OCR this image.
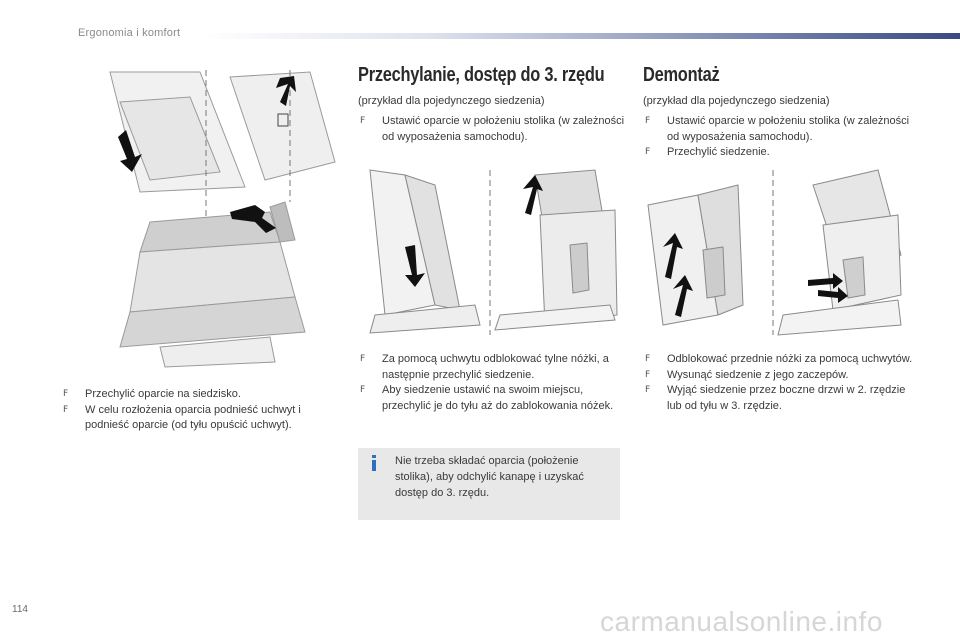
Ergonomia i komfort
F Przechylić oparcie na siedzisko.
F W celu rozłożenia oparcia podnieść uchwyt i podnieść oparcie (od tyłu opuścić uchwyt).
Przechylanie, dostęp do 3. rzędu
(przykład dla pojedynczego siedzenia)
F Ustawić oparcie w położeniu stolika (w zależności od wyposażenia samochodu).
F Za pomocą uchwytu odblokować tylne nóżki, a następnie przechylić siedzenie.
F Aby siedzenie ustawić na swoim miejscu, przechylić je do tyłu aż do zablokowania nóżek.
Nie trzeba składać oparcia (położenie stolika), aby odchylić kanapę i uzyskać dostęp do 3. rzędu.
Demontaż
(przykład dla pojedynczego siedzenia)
F Ustawić oparcie w położeniu stolika (w zależności od wyposażenia samochodu).
F Przechylić siedzenie.
F Odblokować przednie nóżki za pomocą uchwytów.
F Wysunąć siedzenie z jego zaczepów.
F Wyjąć siedzenie przez boczne drzwi w 2. rzędzie lub od tyłu w 3. rzędzie.
114	carmanualsonline.info
